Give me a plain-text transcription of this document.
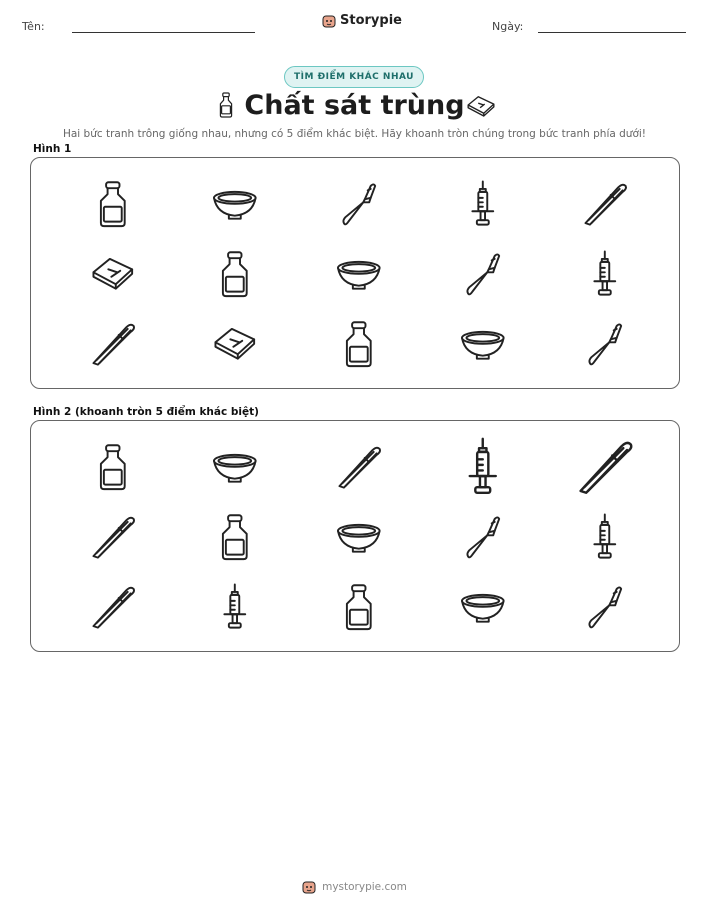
Tên:	Storypie	Ngày:
TÌM ĐIỂM KHÁC NHAU
Chất sát trùng
Hai bức tranh trông giống nhau, nhưng có 5 điểm khác biệt. Hãy khoanh tròn chúng trong bức tranh phía dưới!
Hình 1
Hình 2 (khoanh tròn 5 điểm khác biệt)
mystorypie.com
